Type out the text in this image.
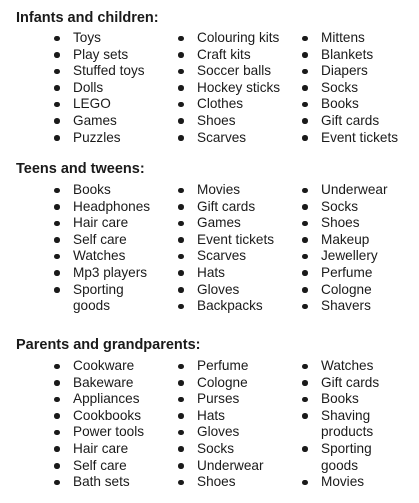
Infants and children:
Toys
Play sets
Stuffed toys
Dolls
LEGO
Games
Puzzles
Colouring kits
Craft kits
Soccer balls
Hockey sticks
Clothes
Shoes
Scarves
Mittens
Blankets
Diapers
Socks
Books
Gift cards
Event tickets
Teens and tweens:
Books
Headphones
Hair care
Self care
Watches
Mp3 players
Sporting goods
Movies
Gift cards
Games
Event tickets
Scarves
Hats
Gloves
Backpacks
Underwear
Socks
Shoes
Makeup
Jewellery
Perfume
Cologne
Shavers
Parents and grandparents:
Cookware
Bakeware
Appliances
Cookbooks
Power tools
Hair care
Self care
Bath sets
Perfume
Cologne
Purses
Hats
Gloves
Socks
Underwear
Shoes
Watches
Gift cards
Books
Shaving products
Sporting goods
Movies
